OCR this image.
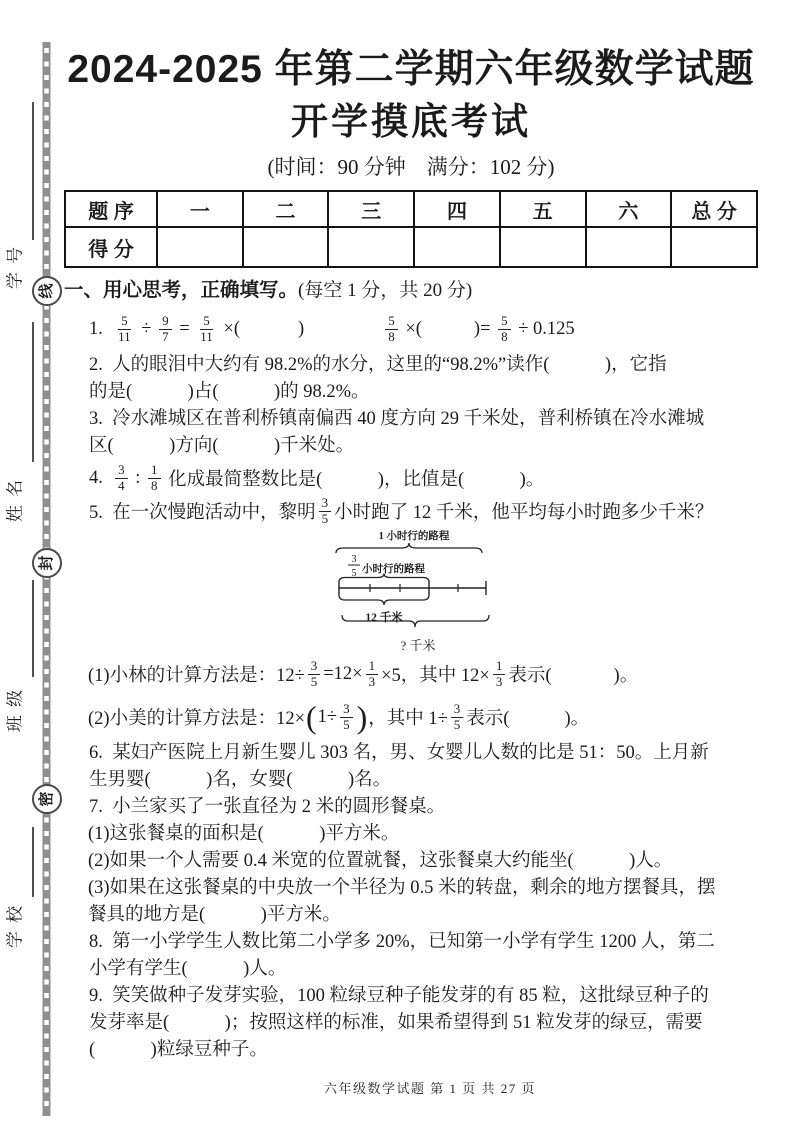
学 号
姓 名
班 级
学 校
线
封
密
2024-2025 年第二学期六年级数学试题
开学摸底考试
(时间：90 分钟    满分：102 分)
题 序	一	二	三	四	五	六	总 分
得 分							
一、用心思考，正确填写。(每空 1 分，共 20 分)
1. $\frac{5}{11} \div \frac{9}{7} = \frac{5}{11}$ ×(	)	$\frac{5}{8}$ ×(	)= $\frac{5}{8} \div 0.125$
2.  人的眼泪中大约有 98.2%的水分，这里的“98.2%”读作(            )，它指
的是(            )占(            )的 98.2%。
3.  冷水滩城区在普利桥镇南偏西 40 度方向 29 千米处，普利桥镇在冷水滩城
区(            )方向(            )千米处。
4. $\frac{3}{4}$ : $\frac{1}{8}$ 化成最简整数比是(            )，比值是(            )。
5.  在一次慢跑活动中，黎明 $\frac{3}{5}$ 小时跑了 12 千米，他平均每小时跑多少千米？
1 小时行的路程
3
5 小时行的路程
12 千米
? 千米
(1)小林的计算方法是：$12\div \frac{3}{5} =12\times \frac{1}{3} \times 5$，其中 $12\times \frac{1}{3}$ 表示(	)。
(2)小美的计算方法是：12× ( $1\div \frac{3}{5}$ ) ，其中 $1\div \frac{3}{5}$ 表示(	)。
6.  某妇产医院上月新生婴儿 303 名，男、女婴儿人数的比是 51：50。上月新
生男婴(            )名，女婴(            )名。
7.  小兰家买了一张直径为 2 米的圆形餐桌。
(1)这张餐桌的面积是(            )平方米。
(2)如果一个人需要 0.4 米宽的位置就餐，这张餐桌大约能坐(            )人。
(3)如果在这张餐桌的中央放一个半径为 0.5 米的转盘，剩余的地方摆餐具，摆
餐具的地方是(            )平方米。
8.  第一小学学生人数比第二小学多 20%，已知第一小学有学生 1200 人，第二
小学有学生(            )人。
9.  笑笑做种子发芽实验，100 粒绿豆种子能发芽的有 85 粒，这批绿豆种子的
发芽率是(            )；按照这样的标准，如果希望得到 51 粒发芽的绿豆，需要
(            )粒绿豆种子。
六年级数学试题 第 1 页 共 27 页
